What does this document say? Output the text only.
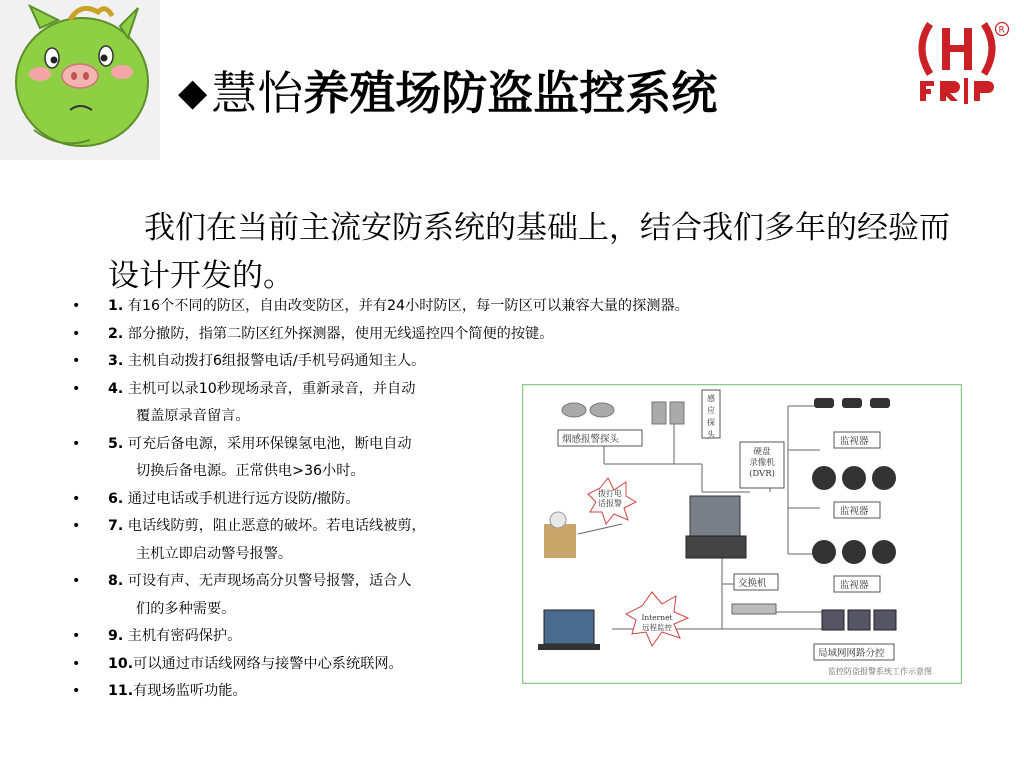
◆慧怡养殖场防盗监控系统
R
我们在当前主流安防系统的基础上，结合我们多年的经验而设计开发的。
• 1. 有16个不同的防区，自由改变防区，并有24小时防区，每一防区可以兼容大量的探测器。
• 2. 部分撤防，指第二防区红外探测器，使用无线遥控四个简便的按键。
• 3. 主机自动拨打6组报警电话/手机号码通知主人。
• 4. 主机可以录10秒现场录音，重新录音，并自动
覆盖原录音留言。
• 5. 可充后备电源，采用环保镍氢电池，断电自动
切换后备电源。正常供电>36小时。
• 6. 通过电话或手机进行远方设防/撤防。
• 7. 电话线防剪，阻止恶意的破坏。若电话线被剪，
主机立即启动警号报警。
• 8. 可设有声、无声现场高分贝警号报警，适合人
们的多种需要。
• 9. 主机有密码保护。
• 10.可以通过市话线网络与接警中心系统联网。
• 11.有现场监听功能。
烟感报警探头
感应探头
硬盘录像机(DVR)
拨打电话报警
监视器
监视器
交换机	监视器
Internet 远程监控
局域网网路分控
监控防盗报警系统工作示意图
